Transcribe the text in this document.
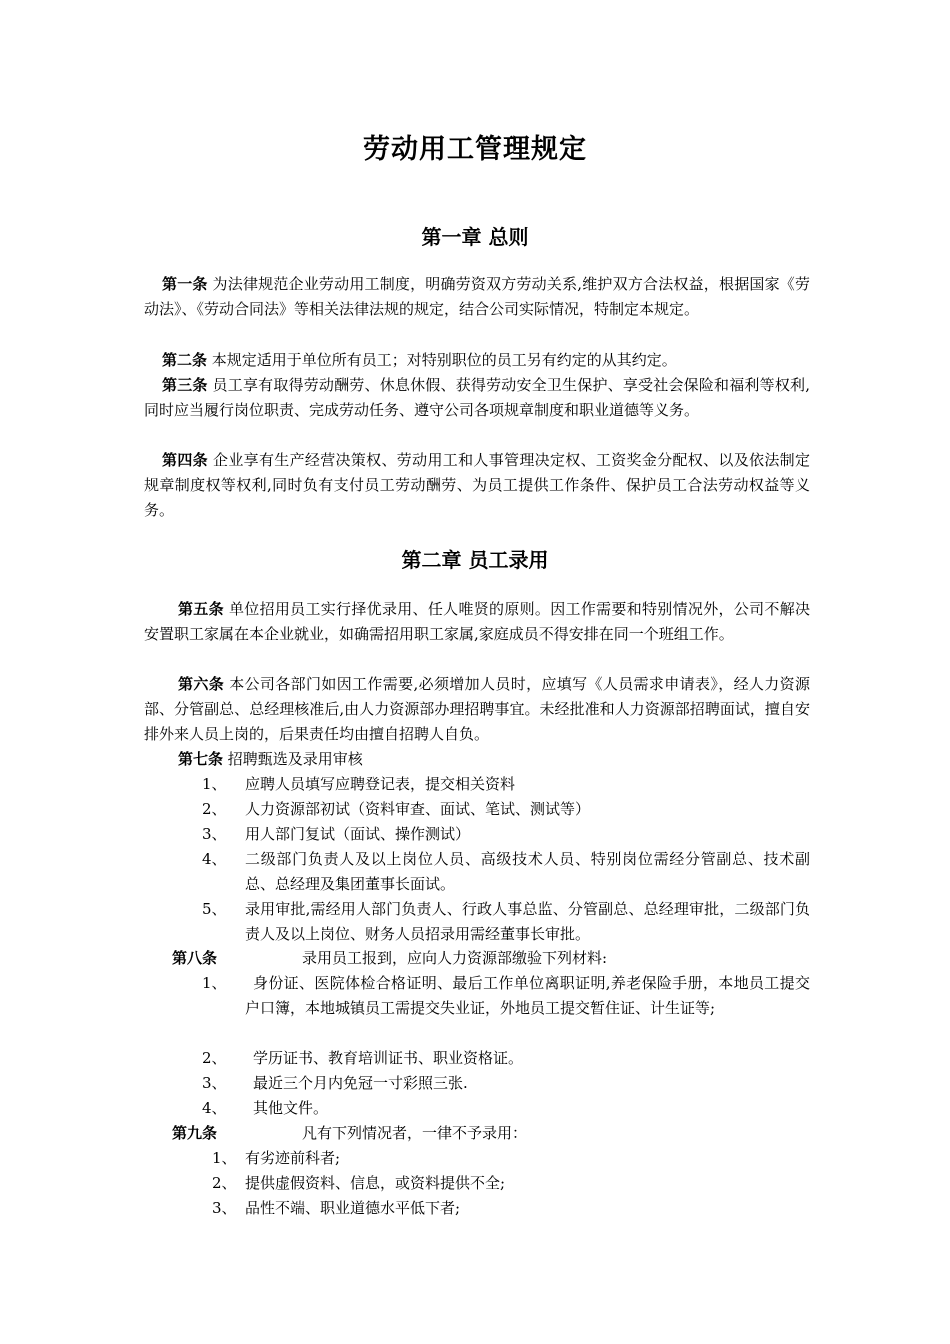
劳动用工管理规定
第一章 总则

第一条 为法律规范企业劳动用工制度，明确劳资双方劳动关系,维护双方合法权益，根据国家《劳动法》、《劳动合同法》等相关法律法规的规定，结合公司实际情况，特制定本规定。

第二条 本规定适用于单位所有员工；对特别职位的员工另有约定的从其约定。

第三条 员工享有取得劳动酬劳、休息休假、获得劳动安全卫生保护、享受社会保险和福利等权利,同时应当履行岗位职责、完成劳动任务、遵守公司各项规章制度和职业道德等义务。

第四条 企业享有生产经营决策权、劳动用工和人事管理决定权、工资奖金分配权、以及依法制定规章制度权等权利,同时负有支付员工劳动酬劳、为员工提供工作条件、保护员工合法劳动权益等义务。

第二章 员工录用

第五条 单位招用员工实行择优录用、任人唯贤的原则。因工作需要和特别情况外，公司不解决安置职工家属在本企业就业，如确需招用职工家属,家庭成员不得安排在同一个班组工作。

第六条 本公司各部门如因工作需要,必须增加人员时，应填写《人员需求申请表》，经人力资源部、分管副总、总经理核准后,由人力资源部办理招聘事宜。未经批准和人力资源部招聘面试，擅自安排外来人员上岗的，后果责任均由擅自招聘人自负。

第七条 招聘甄选及录用审核
1、 应聘人员填写应聘登记表，提交相关资料
2、 人力资源部初试（资料审查、面试、笔试、测试等）
3、 用人部门复试（面试、操作测试）
4、 二级部门负责人及以上岗位人员、高级技术人员、特别岗位需经分管副总、技术副总、总经理及集团董事长面试。
5、 录用审批,需经用人部门负责人、行政人事总监、分管副总、总经理审批，二级部门负责人及以上岗位、财务人员招录用需经董事长审批。
第八条	录用员工报到，应向人力资源部缴验下列材料:
1、	身份证、医院体检合格证明、最后工作单位离职证明,养老保险手册，本地员工提交户口簿，本地城镇员工需提交失业证，外地员工提交暂住证、计生证等;
2、 学历证书、教育培训证书、职业资格证。
3、 最近三个月内免冠一寸彩照三张.
4、 其他文件。
第九条	凡有下列情况者，一律不予录用：
1、 有劣迹前科者;
2、 提供虚假资料、信息，或资料提供不全;
3、 品性不端、职业道德水平低下者;
